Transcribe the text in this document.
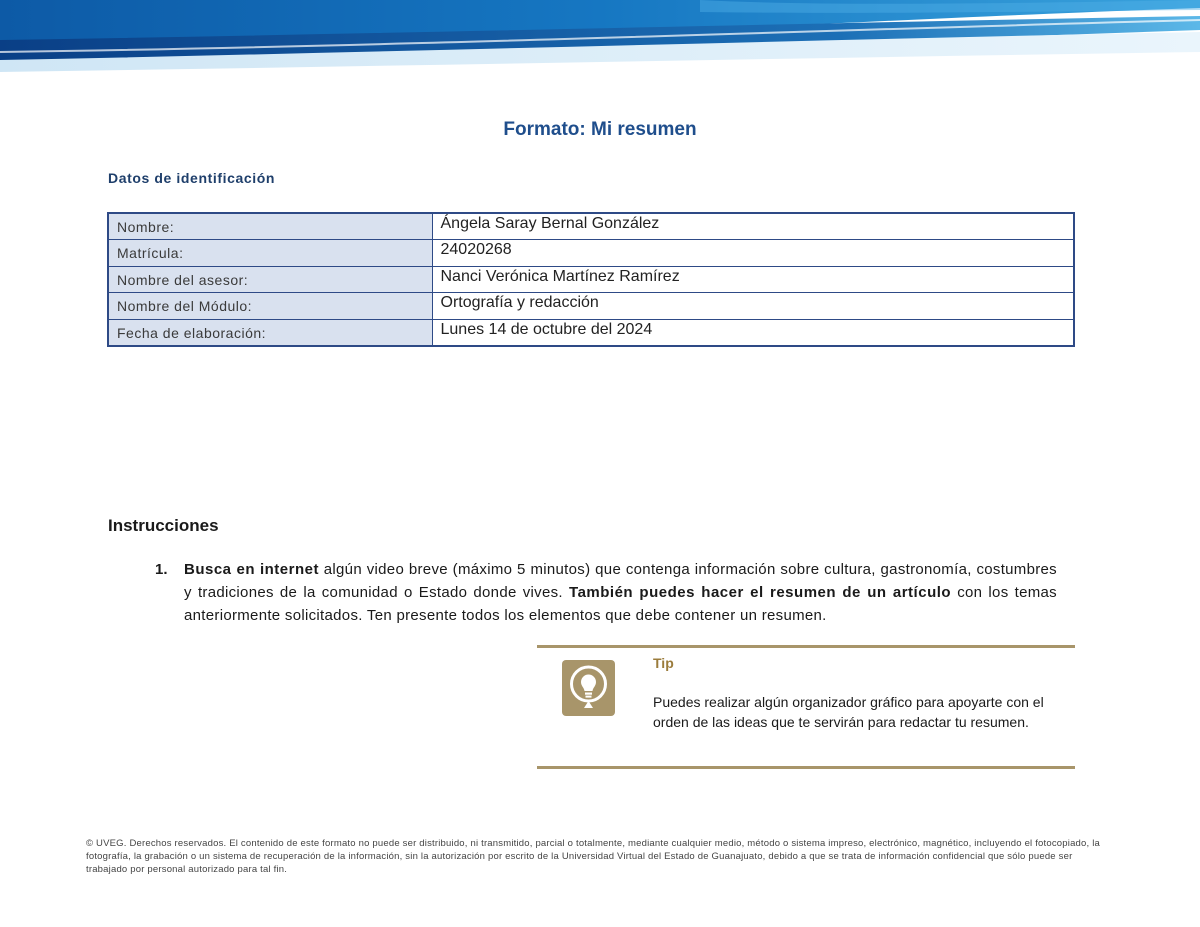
Formato: Mi resumen
Datos de identificación
Nombre:	Ángela Saray Bernal González
Matrícula:	24020268
Nombre del asesor:	Nanci Verónica Martínez Ramírez
Nombre del Módulo:	Ortografía y redacción
Fecha de elaboración:	Lunes 14 de octubre del 2024
Instrucciones
1. Busca en internet algún video breve (máximo 5 minutos) que contenga información sobre cultura, gastronomía, costumbres y tradiciones de la comunidad o Estado donde vives. También puedes hacer el resumen de un artículo con los temas anteriormente solicitados. Ten presente todos los elementos que debe contener un resumen.
Tip
Puedes realizar algún organizador gráfico para apoyarte con el orden de las ideas que te servirán para redactar tu resumen.
© UVEG. Derechos reservados. El contenido de este formato no puede ser distribuido, ni transmitido, parcial o totalmente, mediante cualquier medio, método o sistema impreso, electrónico, magnético, incluyendo el fotocopiado, la fotografía, la grabación o un sistema de recuperación de la información, sin la autorización por escrito de la Universidad Virtual del Estado de Guanajuato, debido a que se trata de información confidencial que sólo puede ser trabajado por personal autorizado para tal fin.
